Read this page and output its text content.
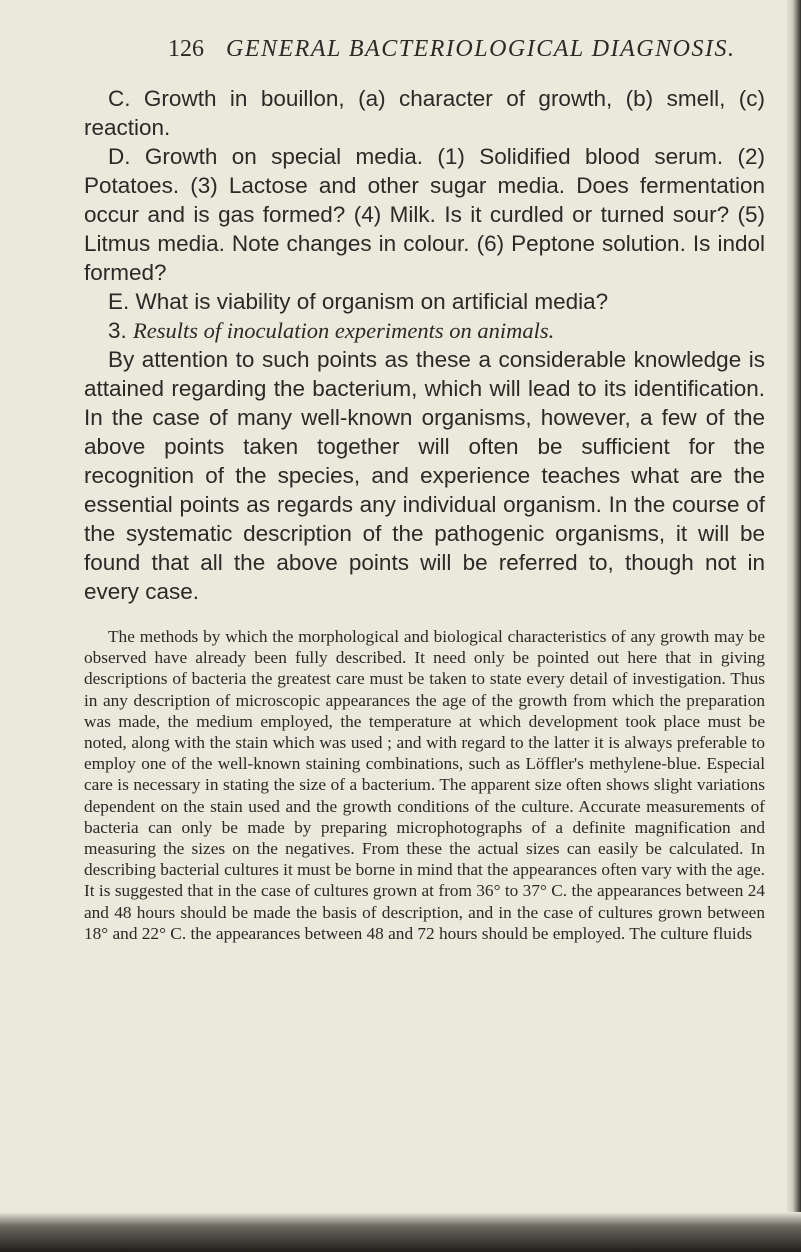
126 GENERAL BACTERIOLOGICAL DIAGNOSIS.

C. Growth in bouillon, (a) character of growth, (b) smell, (c) reaction.

D. Growth on special media. (1) Solidified blood serum. (2) Potatoes. (3) Lactose and other sugar media. Does fermentation occur and is gas formed? (4) Milk. Is it curdled or turned sour? (5) Litmus media. Note changes in colour. (6) Peptone solution. Is indol formed?

E. What is viability of organism on artificial media?

3. Results of inoculation experiments on animals.

By attention to such points as these a considerable knowledge is attained regarding the bacterium, which will lead to its identification. In the case of many well-known organisms, however, a few of the above points taken together will often be sufficient for the recognition of the species, and experience teaches what are the essential points as regards any individual organism. In the course of the systematic description of the pathogenic organisms, it will be found that all the above points will be referred to, though not in every case.

The methods by which the morphological and biological characteristics of any growth may be observed have already been fully described. It need only be pointed out here that in giving descriptions of bacteria the greatest care must be taken to state every detail of investigation. Thus in any description of microscopic appearances the age of the growth from which the preparation was made, the medium employed, the temperature at which development took place must be noted, along with the stain which was used ; and with regard to the latter it is always preferable to employ one of the well-known staining combinations, such as Löffler's methylene-blue. Especial care is necessary in stating the size of a bacterium. The apparent size often shows slight variations dependent on the stain used and the growth conditions of the culture. Accurate measurements of bacteria can only be made by preparing microphotographs of a definite magnification and measuring the sizes on the negatives. From these the actual sizes can easily be calculated. In describing bacterial cultures it must be borne in mind that the appearances often vary with the age. It is suggested that in the case of cultures grown at from 36° to 37° C. the appearances between 24 and 48 hours should be made the basis of description, and in the case of cultures grown between 18° and 22° C. the appearances between 48 and 72 hours should be employed. The culture fluids
